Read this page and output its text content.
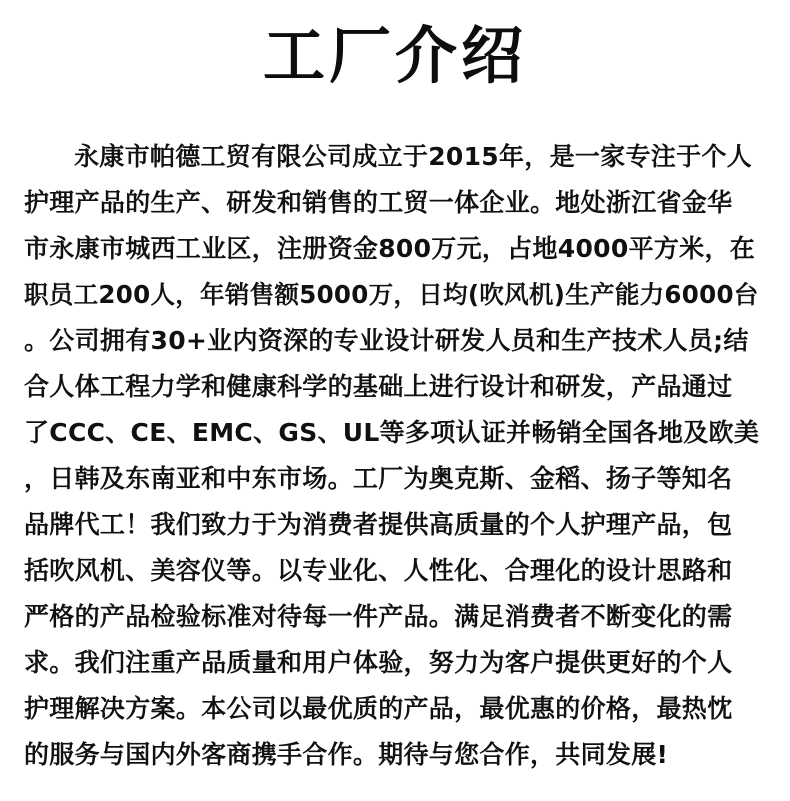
工厂介绍
永康市帕德工贸有限公司成立于2015年，是一家专注于个人
护理产品的生产、研发和销售的工贸一体企业。地处浙江省金华
市永康市城西工业区，注册资金800万元，占地4000平方米，在
职员工200人，年销售额5000万，日均(吹风机)生产能力6000台
。公司拥有30+业内资深的专业设计研发人员和生产技术人员;结
合人体工程力学和健康科学的基础上进行设计和研发，产品通过
了CCC、CE、EMC、GS、UL等多项认证并畅销全国各地及欧美
，日韩及东南亚和中东市场。工厂为奥克斯、金稻、扬子等知名
品牌代工！我们致力于为消费者提供高质量的个人护理产品，包
括吹风机、美容仪等。以专业化、人性化、合理化的设计思路和
严格的产品检验标准对待每一件产品。满足消费者不断变化的需
求。我们注重产品质量和用户体验，努力为客户提供更好的个人
护理解决方案。本公司以最优质的产品，最优惠的价格，最热忱
的服务与国内外客商携手合作。期待与您合作，共同发展!
